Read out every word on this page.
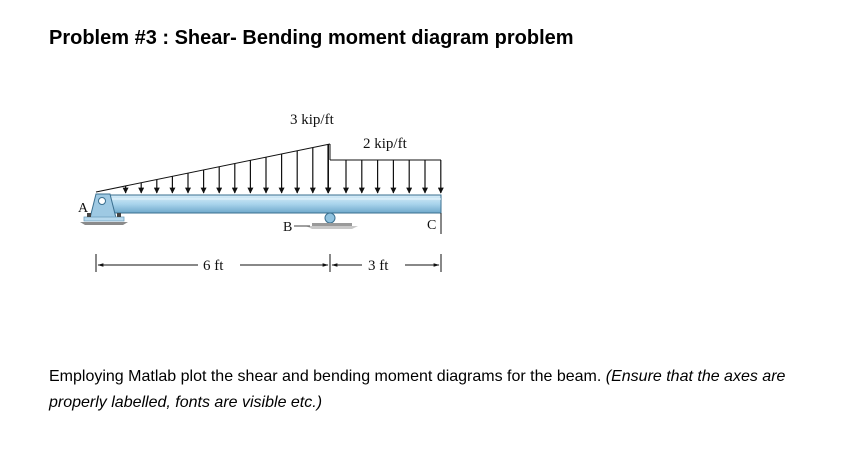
Problem #3 : Shear- Bending moment diagram problem
3 kip/ft
2 kip/ft
A
B	C
6 ft	3 ft
Employing Matlab plot the shear and bending moment diagrams for the beam. (Ensure that the axes are properly labelled, fonts are visible etc.)
